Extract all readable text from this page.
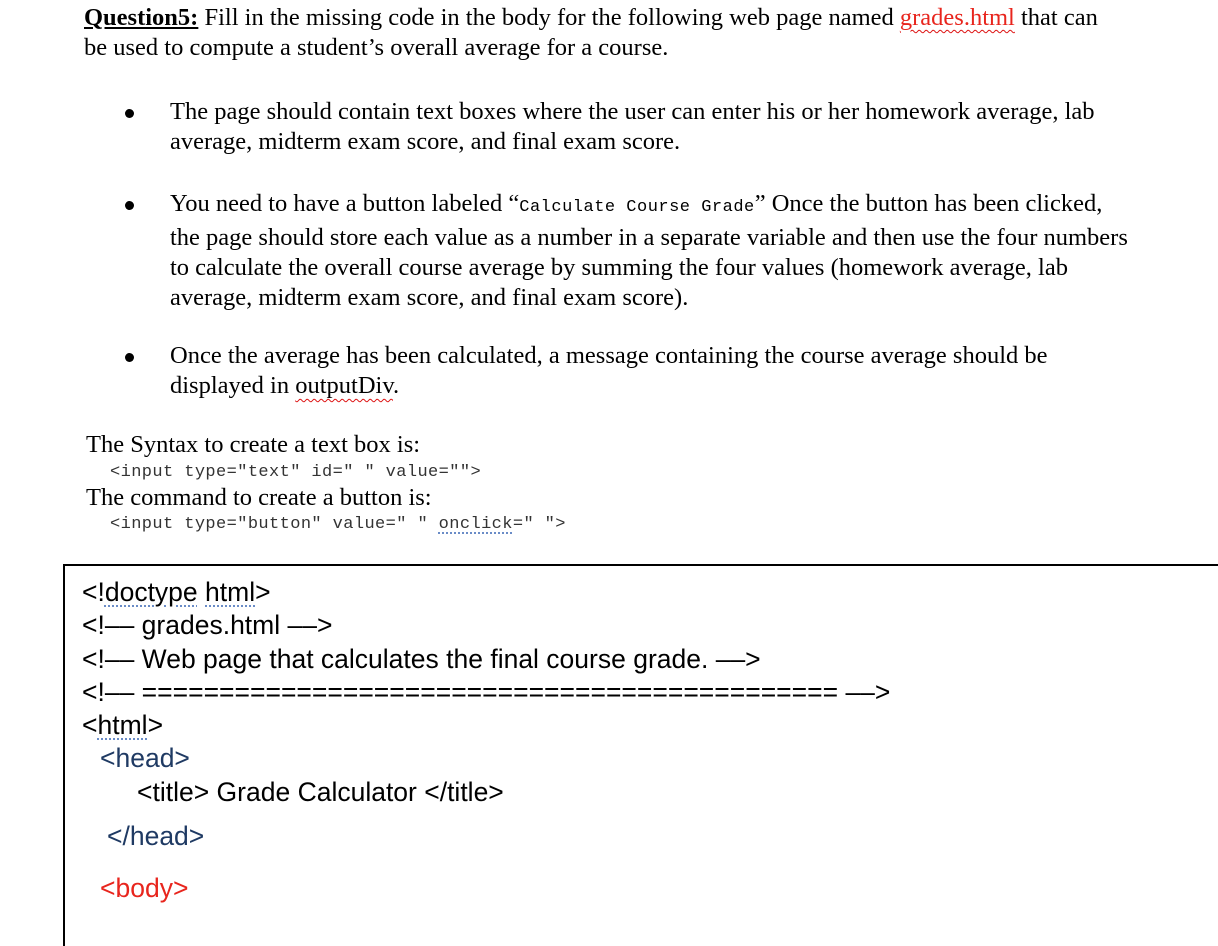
Question5: Fill in the missing code in the body for the following web page named grades.html that can
be used to compute a student’s overall average for a course.
The page should contain text boxes where the user can enter his or her homework average, lab
average, midterm exam score, and final exam score.
You need to have a button labeled “Calculate Course Grade” Once the button has been clicked,
the page should store each value as a number in a separate variable and then use the four numbers
to calculate the overall course average by summing the four values (homework average, lab
average, midterm exam score, and final exam score).
Once the average has been calculated, a message containing the course average should be
displayed in outputDiv.
The Syntax to create a text box is:
<input type="text" id=" " value="">
The command to create a button is:
<input type="button" value=" " onclick=" ">
<!doctype html>
<!–– grades.html ––>
<!–– Web page that calculates the final course grade. ––>
<!–– ============================================= ––>
<html>
<head>
<title> Grade Calculator </title>
</head>
<body>
